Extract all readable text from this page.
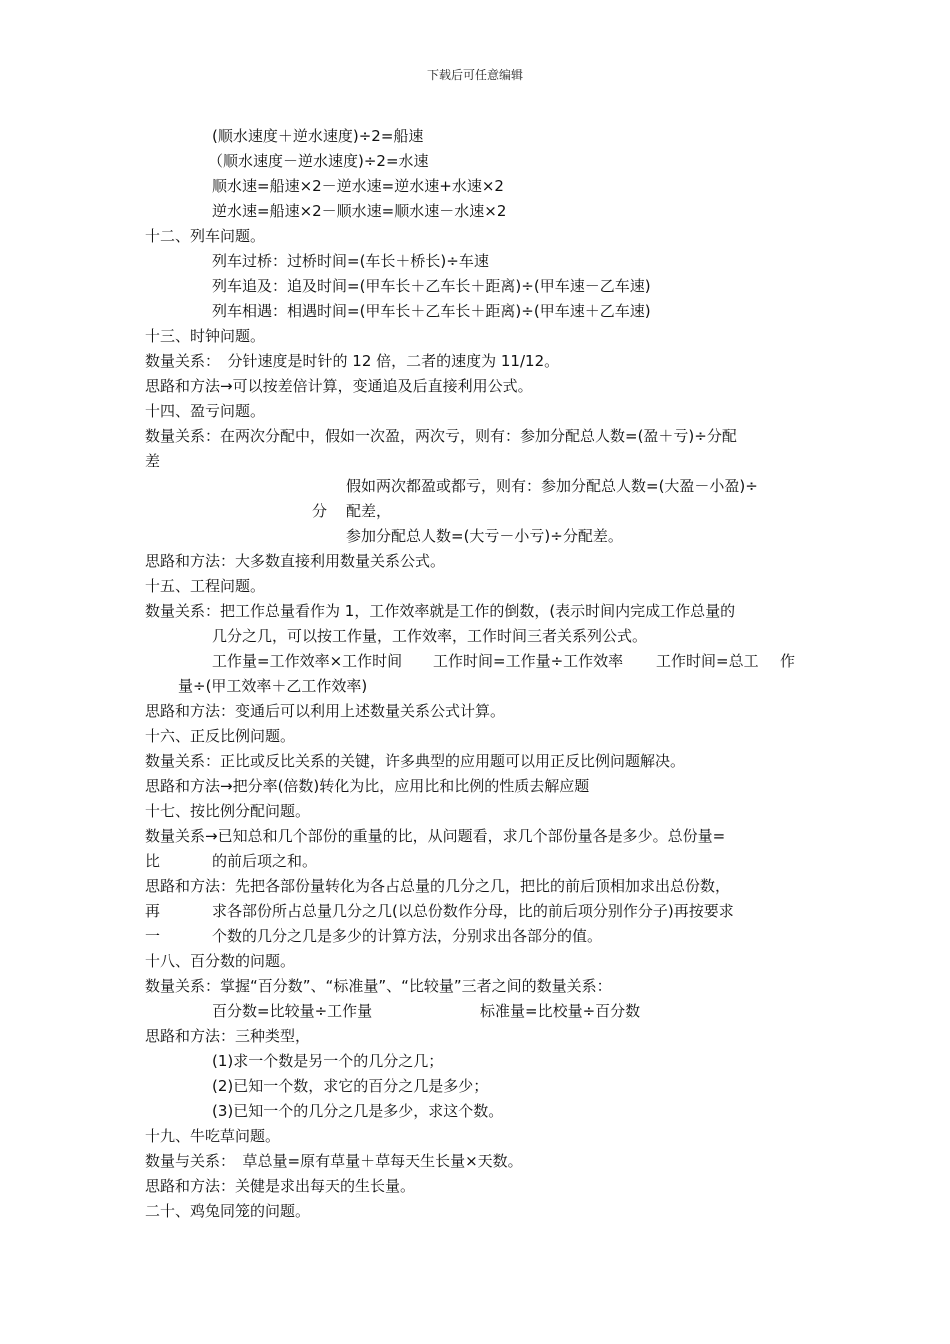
下载后可任意编辑
(顺水速度＋逆水速度)÷2=船速
（顺水速度－逆水速度)÷2=水速
顺水速=船速×2－逆水速=逆水速+水速×2
逆水速=船速×2－顺水速=顺水速－水速×2
十二、列车问题。
列车过桥：过桥时间=(车长＋桥长)÷车速
列车追及：追及时间=(甲车长＋乙车长＋距离)÷(甲车速－乙车速)
列车相遇：相遇时间=(甲车长＋乙车长＋距离)÷(甲车速＋乙车速)
十三、时钟问题。
数量关系：　分针速度是时针的 12 倍，二者的速度为 11/12。
思路和方法→可以按差倍计算，变通追及后直接利用公式。
十四、盈亏问题。
数量关系：在两次分配中，假如一次盈，两次亏，则有：参加分配总人数=(盈＋亏)÷分配
差
假如两次都盈或都亏，则有：参加分配总人数=(大盈－小盈)÷
分 配差，
参加分配总人数=(大亏－小亏)÷分配差。
思路和方法：大多数直接利用数量关系公式。
十五、工程问题。
数量关系：把工作总量看作为 1，工作效率就是工作的倒数，(表示时间内完成工作总量的
几分之几，可以按工作量，工作效率，工作时间三者关系列公式。
工作量=工作效率×工作时间 工作时间=工作量÷工作效率 工作时间=总工 作
量÷(甲工效率＋乙工作效率)
思路和方法：变通后可以利用上述数量关系公式计算。
十六、正反比例问题。
数量关系：正比或反比关系的关键，许多典型的应用题可以用正反比例问题解决。
思路和方法→把分率(倍数)转化为比，应用比和比例的性质去解应题
十七、按比例分配问题。
数量关系→已知总和几个部份的重量的比，从问题看，求几个部份量各是多少。总份量=
比	的前后项之和。
思路和方法：先把各部份量转化为各占总量的几分之几，把比的前后顶相加求出总份数，
再	求各部份所占总量几分之几(以总份数作分母，比的前后项分别作分子)再按要求
一	个数的几分之几是多少的计算方法，分别求出各部分的值。
十八、百分数的问题。
数量关系：掌握“百分数”、“标准量”、“比较量”三者之间的数量关系：
百分数=比较量÷工作量	标准量=比校量÷百分数
思路和方法：三种类型，
(1)求一个数是另一个的几分之几；
(2)已知一个数，求它的百分之几是多少；
(3)已知一个的几分之几是多少，求这个数。
十九、牛吃草问题。
数量与关系：　草总量=原有草量＋草每天生长量×天数。
思路和方法：关健是求出每天的生长量。
二十、鸡兔同笼的问题。
